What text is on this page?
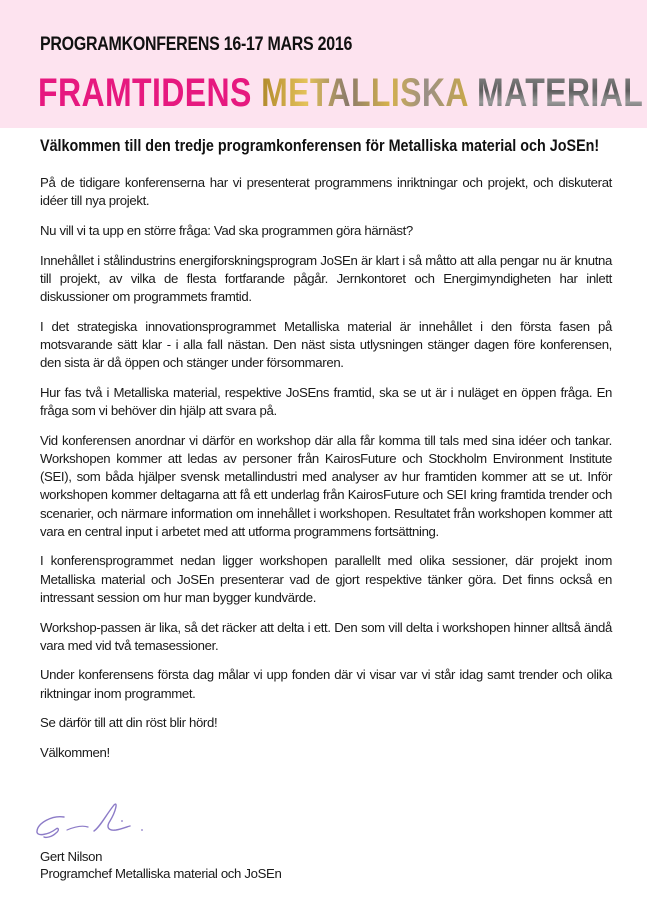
PROGRAMKONFERENS 16-17 MARS 2016
FRAMTIDENS METALLISKA MATERIAL
Välkommen till den tredje programkonferensen för Metalliska material och JoSEn!

På de tidigare konferenserna har vi presenterat programmens inriktningar och projekt, och diskuterat idéer till nya projekt.

Nu vill vi ta upp en större fråga: Vad ska programmen göra härnäst?

Innehållet i stålindustrins energiforskningsprogram JoSEn är klart i så måtto att alla pengar nu är knutna till projekt, av vilka de flesta fortfarande pågår. Jernkontoret och Energimyndigheten har inlett diskussioner om programmets framtid.

I det strategiska innovationsprogrammet Metalliska material är innehållet i den första fasen på motsvarande sätt klar - i alla fall nästan. Den näst sista utlysningen stänger dagen före konferensen, den sista är då öppen och stänger under försommaren.

Hur fas två i Metalliska material, respektive JoSEns framtid, ska se ut är i nuläget en öppen fråga. En fråga som vi behöver din hjälp att svara på.

Vid konferensen anordnar vi därför en workshop där alla får komma till tals med sina idéer och tankar. Workshopen kommer att ledas av personer från KairosFuture och Stockholm Environment Institute (SEI), som båda hjälper svensk metallindustri med analyser av hur framtiden kommer att se ut. Inför workshopen kommer deltagarna att få ett underlag från KairosFuture och SEI kring framtida trender och scenarier, och närmare information om innehållet i workshopen. Resultatet från workshopen kommer att vara en central input i arbetet med att utforma programmens fortsättning.

I konferensprogrammet nedan ligger workshopen parallellt med olika sessioner, där projekt inom Metalliska material och JoSEn presenterar vad de gjort respektive tänker göra. Det finns också en intressant session om hur man bygger kundvärde.

Workshop-passen är lika, så det räcker att delta i ett. Den som vill delta i workshopen hinner alltså ändå vara med vid två temasessioner.

Under konferensens första dag målar vi upp fonden där vi visar var vi står idag samt trender och olika riktningar inom programmet.

Se därför till att din röst blir hörd!

Välkommen!

Gert Nilson
Programchef Metalliska material och JoSEn
